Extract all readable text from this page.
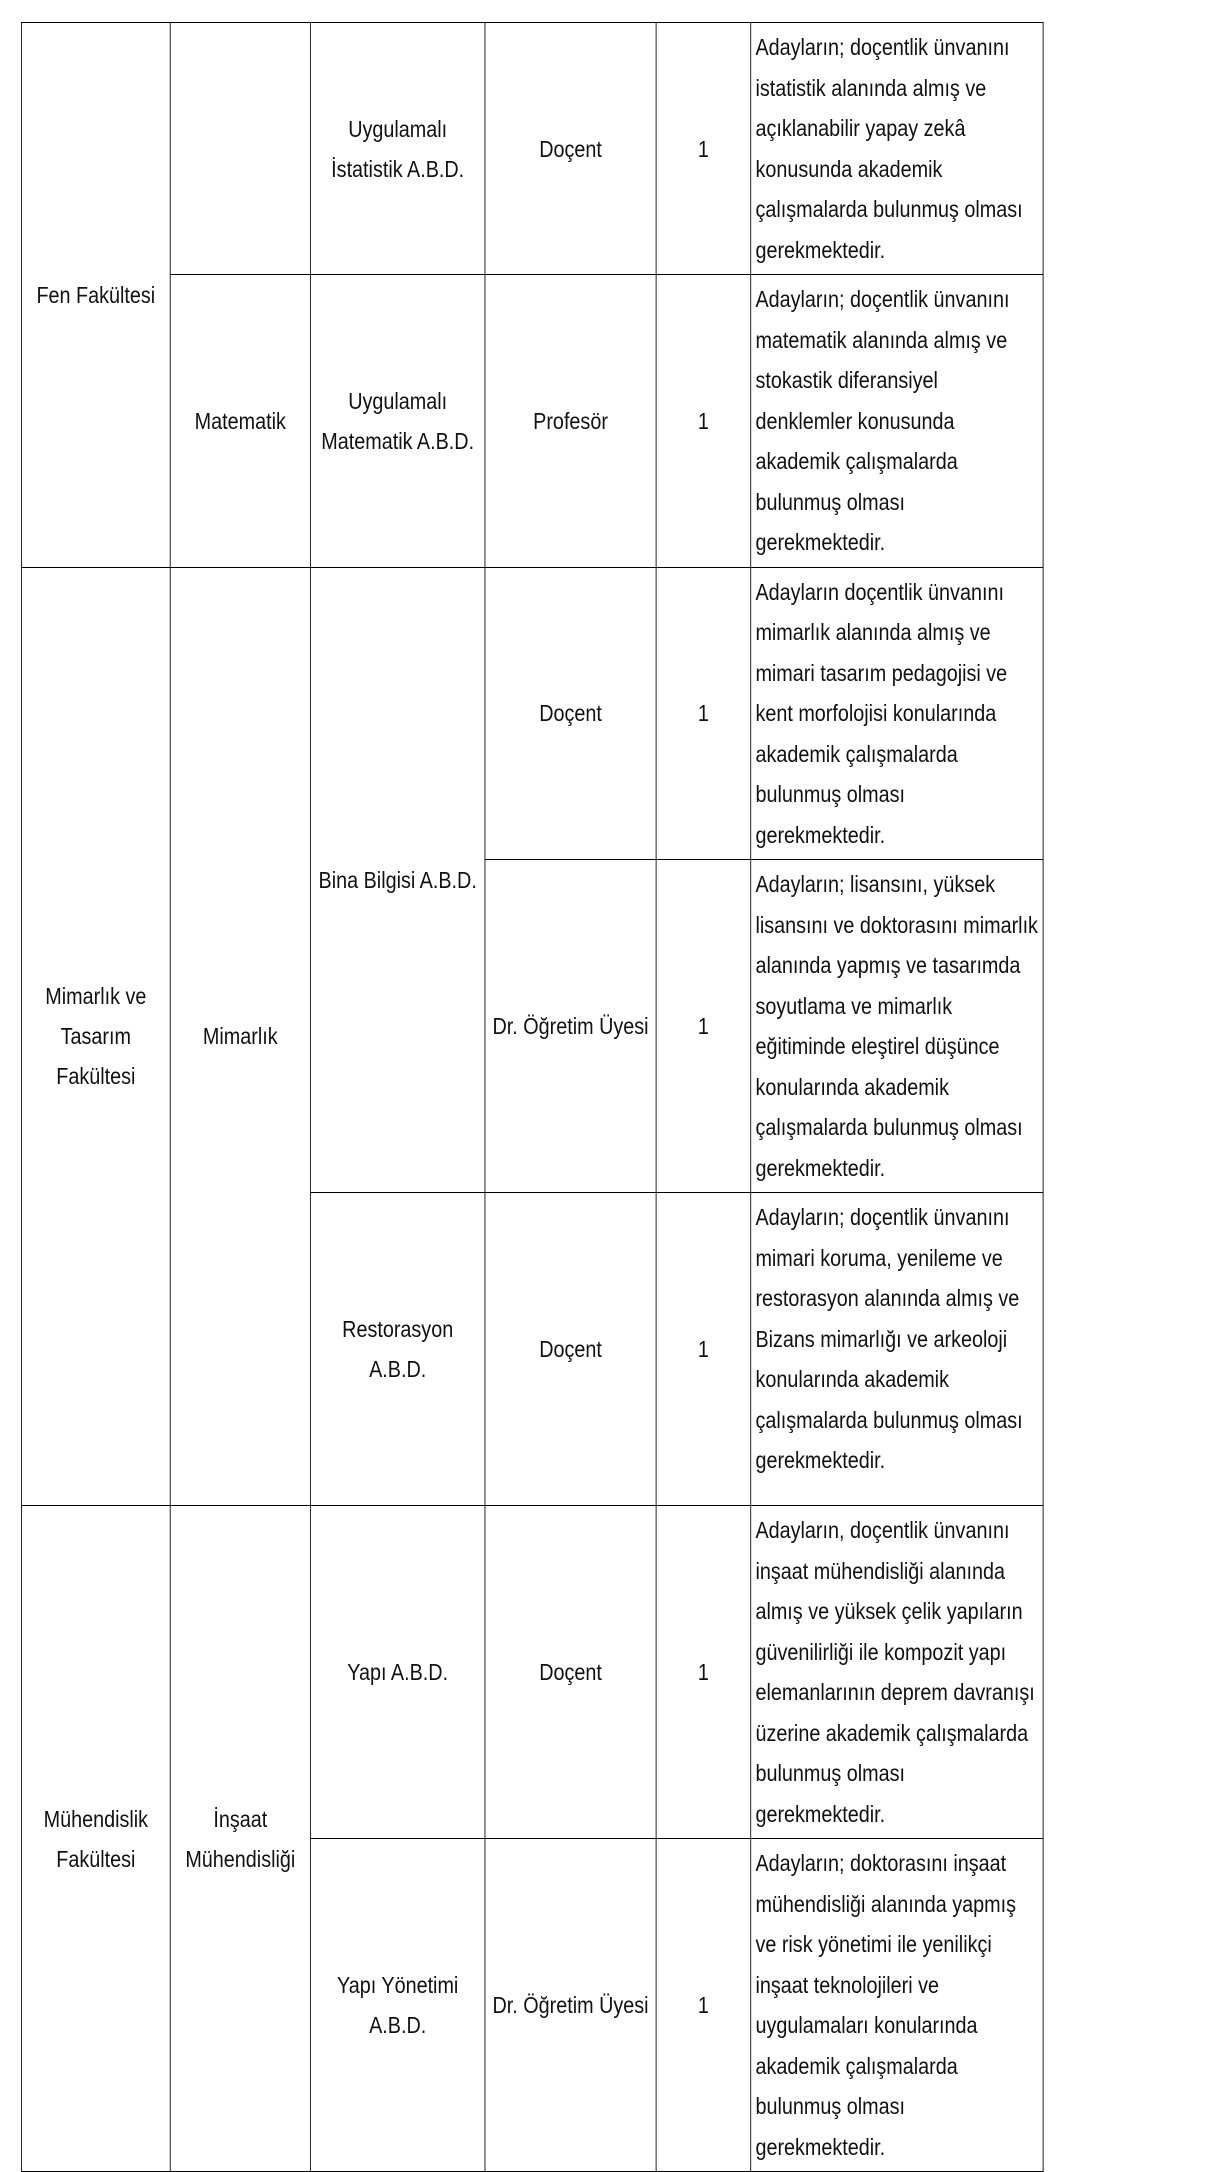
Fen Fakültesi		Uygulamalı İstatistik A.B.D.	Doçent	1	Adayların; doçentlik ünvanını istatistik alanında almış ve açıklanabilir yapay zekâ konusunda akademik çalışmalarda bulunmuş olması gerekmektedir.

	Matematik	Uygulamalı Matematik A.B.D.	Profesör	1	Adayların; doçentlik ünvanını matematik alanında almış ve stokastik diferansiyel denklemler konusunda akademik çalışmalarda bulunmuş olması gerekmektedir.

Mimarlık ve Tasarım Fakültesi	Mimarlık	Bina Bilgisi A.B.D.	Doçent	1	Adayların doçentlik ünvanını mimarlık alanında almış ve mimari tasarım pedagojisi ve kent morfolojisi konularında akademik çalışmalarda bulunmuş olması gerekmektedir.

			Dr. Öğretim Üyesi	1	Adayların; lisansını, yüksek lisansını ve doktorasını mimarlık alanında yapmış ve tasarımda soyutlama ve mimarlık eğitiminde eleştirel düşünce konularında akademik çalışmalarda bulunmuş olması gerekmektedir.

		Restorasyon A.B.D.	Doçent	1	Adayların; doçentlik ünvanını mimari koruma, yenileme ve restorasyon alanında almış ve Bizans mimarlığı ve arkeoloji konularında akademik çalışmalarda bulunmuş olması gerekmektedir.

Mühendislik Fakültesi	İnşaat Mühendisliği	Yapı A.B.D.	Doçent	1	Adayların, doçentlik ünvanını inşaat mühendisliği alanında almış ve yüksek çelik yapıların güvenilirliği ile kompozit yapı elemanlarının deprem davranışı üzerine akademik çalışmalarda bulunmuş olması gerekmektedir.

		Yapı Yönetimi A.B.D.	Dr. Öğretim Üyesi	1	Adayların; doktorasını inşaat mühendisliği alanında yapmış ve risk yönetimi ile yenilikçi inşaat teknolojileri ve uygulamaları konularında akademik çalışmalarda bulunmuş olması gerekmektedir.
